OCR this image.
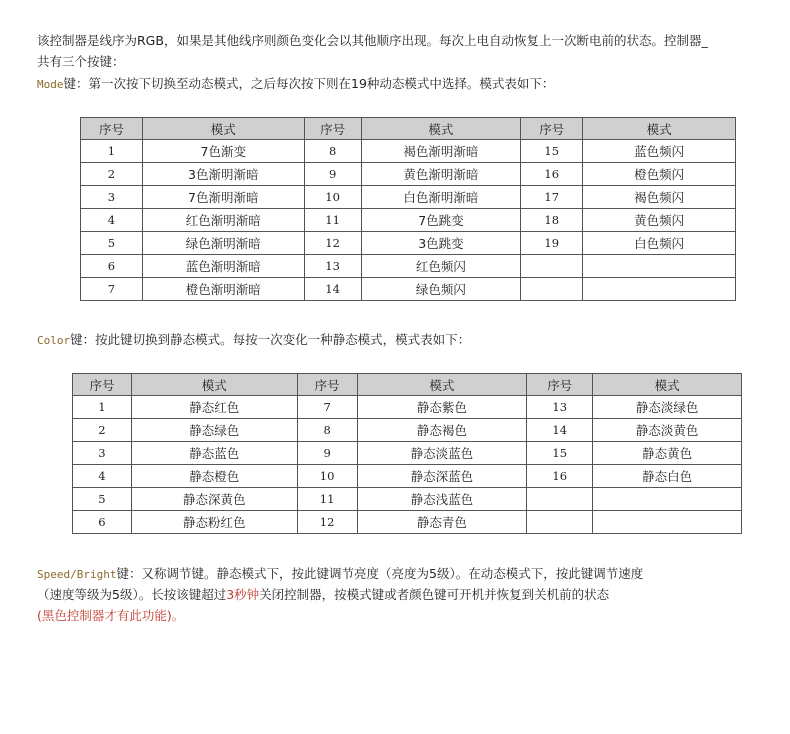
该控制器是线序为RGB，如果是其他线序则颜色变化会以其他顺序出现。每次上电自动恢复上一次断电前的状态。控制器_
共有三个按键：
Mode键：第一次按下切换至动态模式，之后每次按下则在19种动态模式中选择。模式表如下：
序号	模式	序号	模式	序号	模式
1	7色渐变	8	褐色渐明渐暗	15	蓝色频闪
2	3色渐明渐暗	9	黄色渐明渐暗	16	橙色频闪
3	7色渐明渐暗	10	白色渐明渐暗	17	褐色频闪
4	红色渐明渐暗	11	7色跳变	18	黄色频闪
5	绿色渐明渐暗	12	3色跳变	19	白色频闪
6	蓝色渐明渐暗	13	红色频闪		
7	橙色渐明渐暗	14	绿色频闪		
Color键：按此键切换到静态模式。每按一次变化一种静态模式，模式表如下：
序号	模式	序号	模式	序号	模式
1	静态红色	7	静态紫色	13	静态淡绿色
2	静态绿色	8	静态褐色	14	静态淡黄色
3	静态蓝色	9	静态淡蓝色	15	静态黄色
4	静态橙色	10	静态深蓝色	16	静态白色
5	静态深黄色	11	静态浅蓝色		
6	静态粉红色	12	静态青色		
Speed/Bright键：又称调节键。静态模式下，按此键调节亮度（亮度为5级）。在动态模式下，按此键调节速度
（速度等级为5级）。长按该键超过3秒钟关闭控制器，按模式键或者颜色键可开机并恢复到关机前的状态
(黑色控制器才有此功能)。
